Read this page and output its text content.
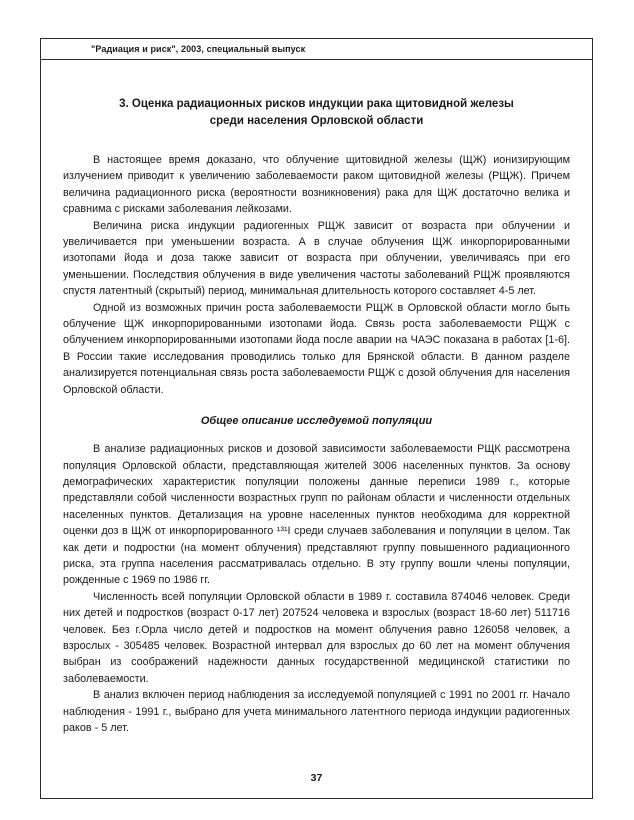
"Радиация и риск", 2003, специальный выпуск
3. Оценка радиационных рисков индукции рака щитовидной железы
среди населения Орловской области

В настоящее время доказано, что облучение щитовидной железы (ЩЖ) ионизирующим излучением приводит к увеличению заболеваемости раком щитовидной железы (РЩЖ). Причем величина радиационного риска (вероятности возникновения) рака для ЩЖ достаточно велика и сравнима с рисками заболевания лейкозами.

Величина риска индукции радиогенных РЩЖ зависит от возраста при облучении и увеличивается при уменьшении возраста. А в случае облучения ЩЖ инкорпорированными изотопами йода и доза также зависит от возраста при облучении, увеличиваясь при его уменьшении. Последствия облучения в виде увеличения частоты заболеваний РЩЖ проявляются спустя латентный (скрытый) период, минимальная длительность которого составляет 4-5 лет.

Одной из возможных причин роста заболеваемости РЩЖ в Орловской области могло быть облучение ЩЖ инкорпорированными изотопами йода. Связь роста заболеваемости РЩЖ с облучением инкорпорированными изотопами йода после аварии на ЧАЭС показана в работах [1-6]. В России такие исследования проводились только для Брянской области. В данном разделе анализируется потенциальная связь роста заболеваемости РЩЖ с дозой облучения для населения Орловской области.

Общее описание исследуемой популяции

В анализе радиационных рисков и дозовой зависимости заболеваемости РЩК рассмотрена популяция Орловской области, представляющая жителей 3006 населенных пунктов. За основу демографических характеристик популяции положены данные переписи 1989 г., которые представляли собой численности возрастных групп по районам области и численности отдельных населенных пунктов. Детализация на уровне населенных пунктов необходима для корректной оценки доз в ЩЖ от инкорпорированного ¹³¹I среди случаев заболевания и популяции в целом. Так как дети и подростки (на момент облучения) представляют группу повышенного радиационного риска, эта группа населения рассматривалась отдельно. В эту группу вошли члены популяции, рожденные с 1969 по 1986 гг.

Численность всей популяции Орловской области в 1989 г. составила 874046 человек. Среди них детей и подростков (возраст 0-17 лет) 207524 человека и взрослых (возраст 18-60 лет) 511716 человек. Без г.Орла число детей и подростков на момент облучения равно 126058 человек, а взрослых - 305485 человек. Возрастной интервал для взрослых до 60 лет на момент облучения выбран из соображений надежности данных государственной медицинской статистики по заболеваемости.

В анализ включен период наблюдения за исследуемой популяцией с 1991 по 2001 гг. Начало наблюдения - 1991 г., выбрано для учета минимального латентного периода индукции радиогенных раков - 5 лет.

37
